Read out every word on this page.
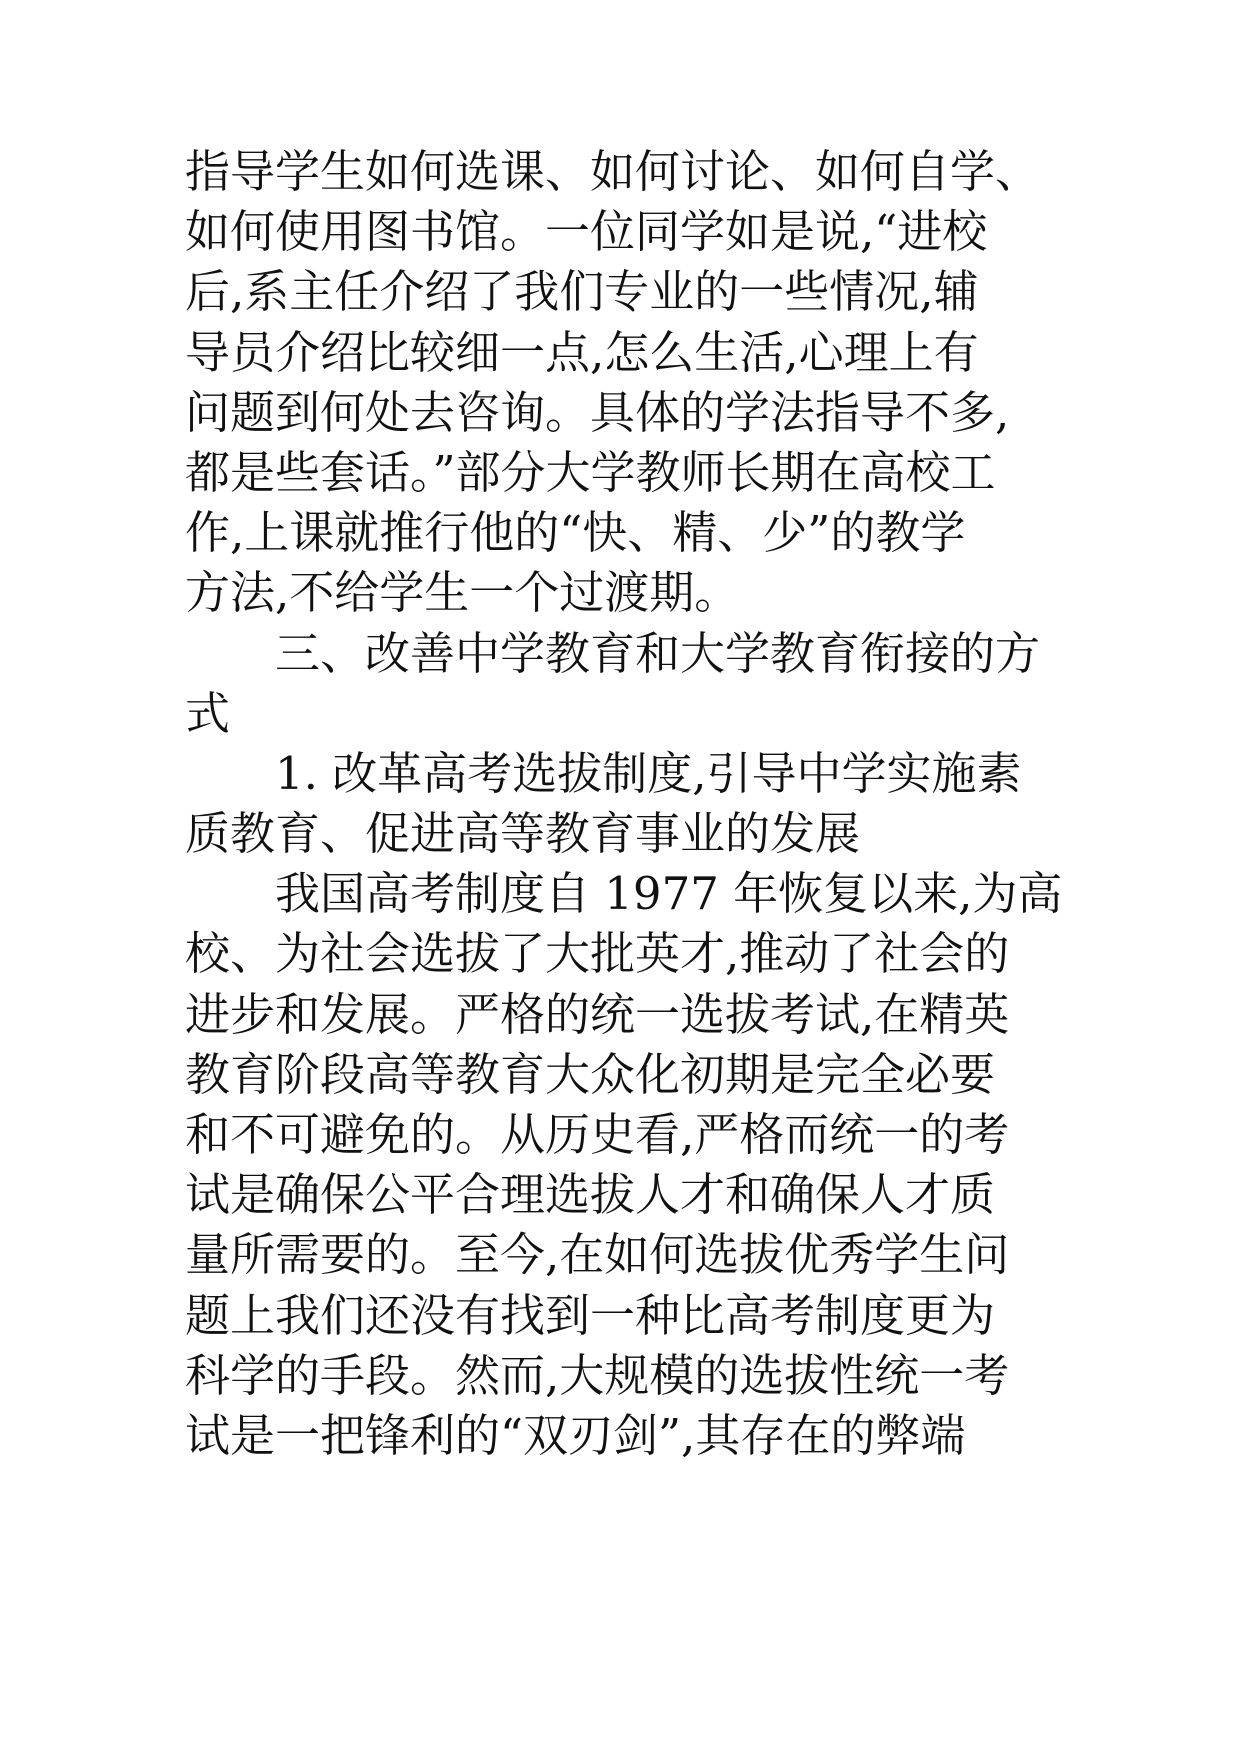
指导学生如何选课、如何讨论、如何自学、
如何使用图书馆。一位同学如是说,“进校
后,系主任介绍了我们专业的一些情况,辅
导员介绍比较细一点,怎么生活,心理上有
问题到何处去咨询。具体的学法指导不多,
都是些套话。”部分大学教师长期在高校工
作,上课就推行他的“快、精、少”的教学
方法,不给学生一个过渡期。
三、改善中学教育和大学教育衔接的方
式
1. 改革高考选拔制度,引导中学实施素
质教育、促进高等教育事业的发展
我国高考制度自 1977 年恢复以来,为高
校、为社会选拔了大批英才,推动了社会的
进步和发展。严格的统一选拔考试,在精英
教育阶段高等教育大众化初期是完全必要
和不可避免的。从历史看,严格而统一的考
试是确保公平合理选拔人才和确保人才质
量所需要的。至今,在如何选拔优秀学生问
题上我们还没有找到一种比高考制度更为
科学的手段。然而,大规模的选拔性统一考
试是一把锋利的“双刃剑”,其存在的弊端
